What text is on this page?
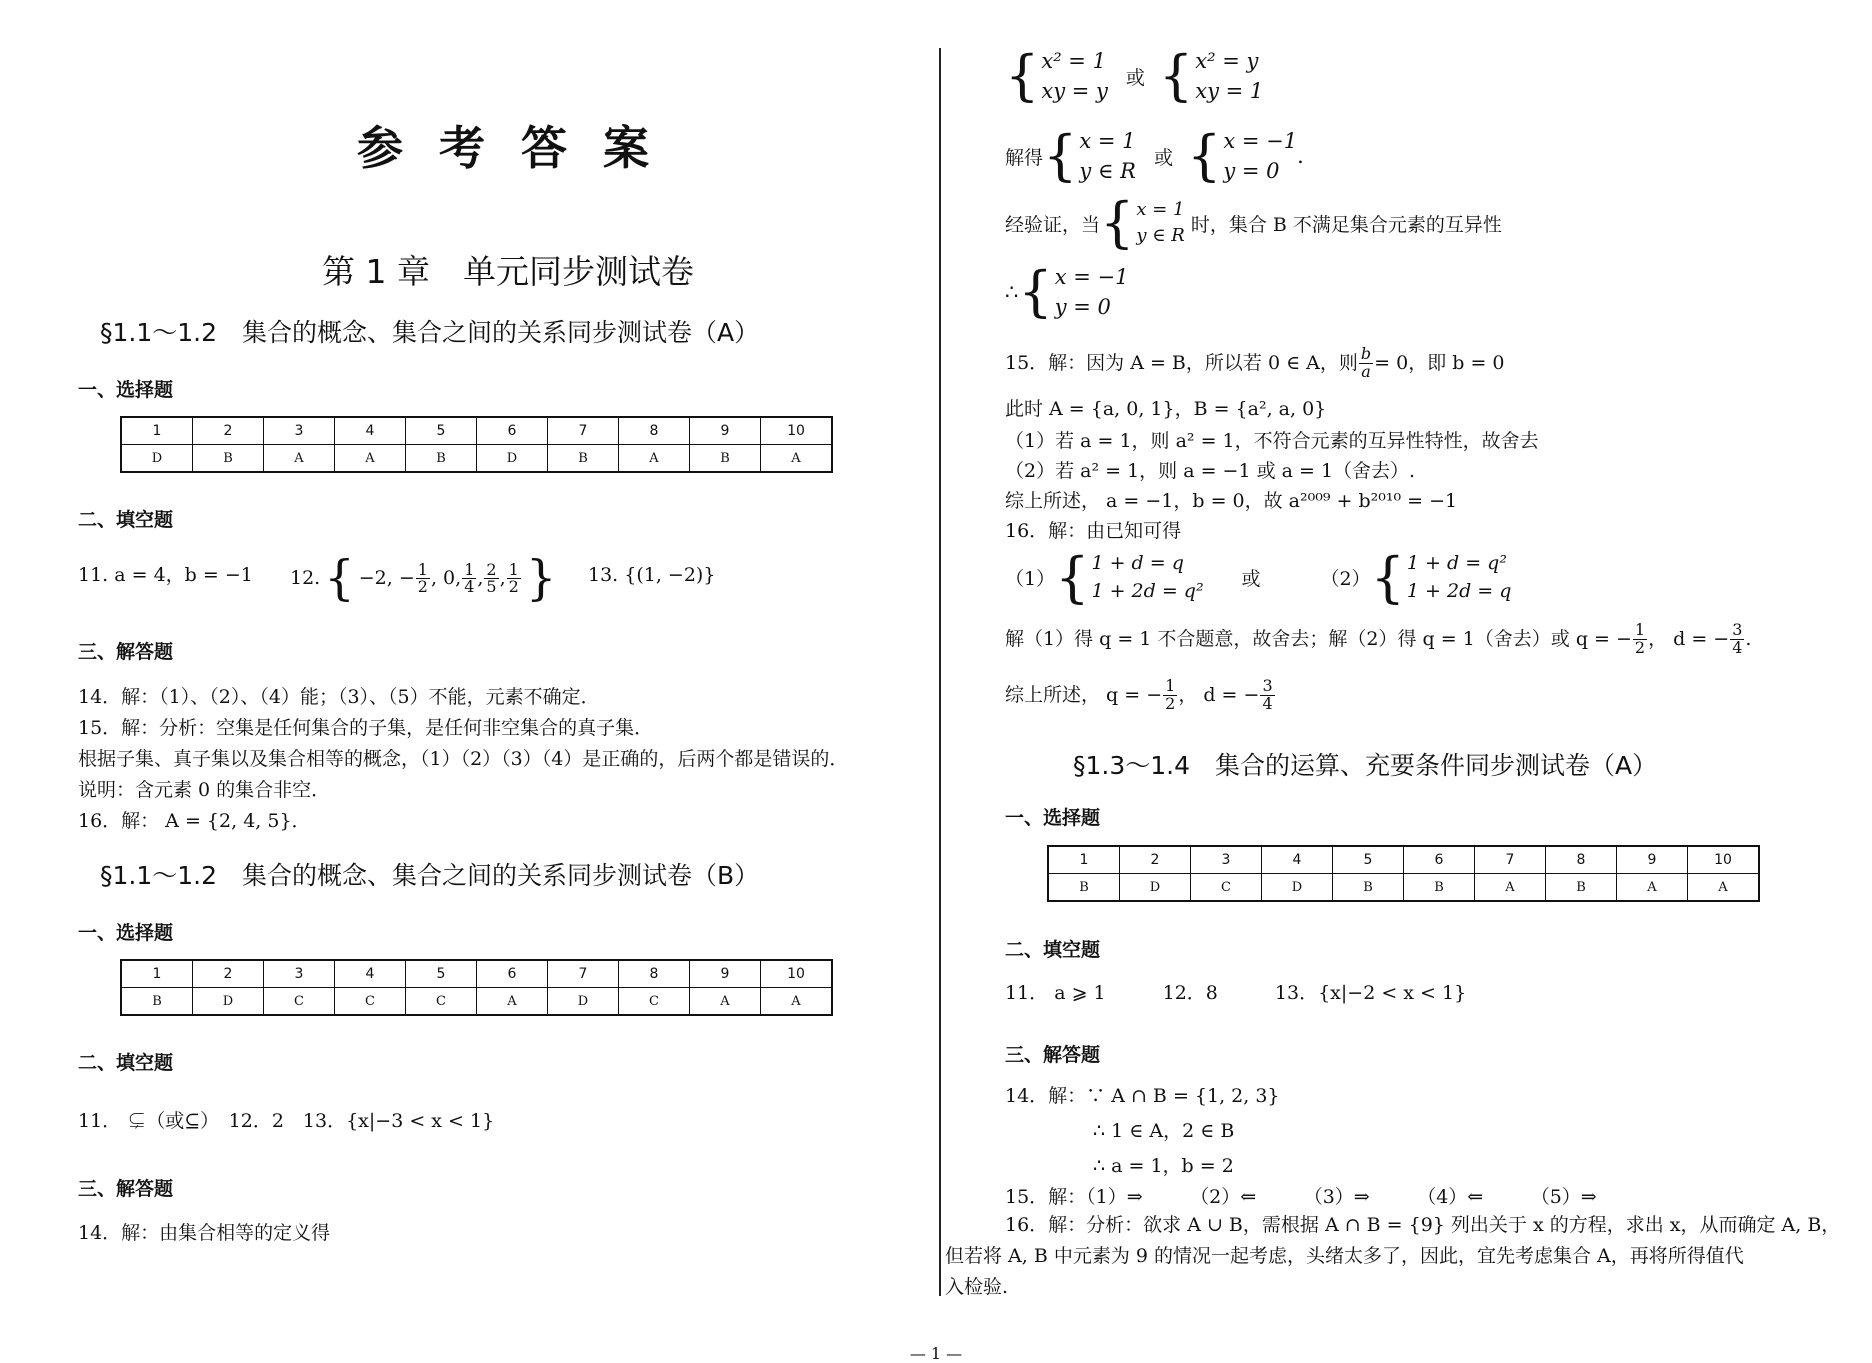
参 考 答 案
第 1 章　单元同步测试卷
§1.1～1.2　集合的概念、集合之间的关系同步测试卷（A）
一、选择题
1	2	3	4	5	6	7	8	9	10
D	B	A	A	B	D	B	A	B	A
二、填空题
11. a = 4，b = −1 12. { −2, − $\frac{1}{2}$ , 0, $\frac{1}{4}$ , $\frac{2}{5}$ , $\frac{1}{2}$ } 13. {(1, −2)}
三、解答题
14．解：（1）、（2）、（4）能；（3）、（5）不能，元素不确定．
15．解：分析：空集是任何集合的子集，是任何非空集合的真子集．
根据子集、真子集以及集合相等的概念，（1）（2）（3）（4）是正确的，后两个都是错误的．
说明：含元素 0 的集合非空．
16．解： A = {2, 4, 5}．
§1.1～1.2　集合的概念、集合之间的关系同步测试卷（B）
一、选择题
1	2	3	4	5	6	7	8	9	10
B	D	C	C	C	A	D	C	A	A
二、填空题
11． ⊊（或⊆）　12．2　13．{x|−3 < x < 1}
三、解答题
14．解：由集合相等的定义得
{ x² = 1
xy = y
或 { x² = y
xy = 1
解得 { x = 1
y ∈ R
或 { x = −1
y = 0
.
经验证，当 { x = 1
y ∈ R 时，集合 B 不满足集合元素的互异性
∴ { x = −1
y = 0
15．解：因为 A = B，所以若 0 ∈ A，则 $\frac{b}{a} = 0$，即 b = 0
此时 A = {a, 0, 1}，B = {a², a, 0}
（1）若 a = 1，则 a² = 1，不符合元素的互异性特性，故舍去
（2）若 a² = 1，则 a = −1 或 a = 1（舍去）.
综上所述， a = −1，b = 0，故 a²⁰⁰⁹ + b²⁰¹⁰ = −1
16．解：由已知可得
（1） { 1 + d = q
1 + 2d = q²
或	（2） { 1 + d = q²
1 + 2d = q
解（1）得 q = 1 不合题意，故舍去；解（2）得 q = 1（舍去）或 q = − $\frac{1}{2}$ ， d = − $\frac{3}{4}$ .
综上所述， q = − $\frac{1}{2}$ ， d = − $\frac{3}{4}$
§1.3～1.4　集合的运算、充要条件同步测试卷（A）
一、选择题
1	2	3	4	5	6	7	8	9	10
B	D	C	D	B	B	A	B	A	A
二、填空题
11． a ⩾ 1　　　12．8　　　13．{x|−2 < x < 1}
三、解答题
14．解：∵ A ∩ B = {1, 2, 3}
∴ 1 ∈ A，2 ∈ B
∴ a = 1，b = 2
15．解：（1）⇒　　　（2）⇐　　　（3）⇒　　　（4）⇐　　　（5）⇒
16．解：分析：欲求 A ∪ B，需根据 A ∩ B = {9} 列出关于 x 的方程，求出 x，从而确定 A, B，
但若将 A, B 中元素为 9 的情况一起考虑，头绪太多了，因此，宜先考虑集合 A，再将所得值代
入检验.
— 1 —
